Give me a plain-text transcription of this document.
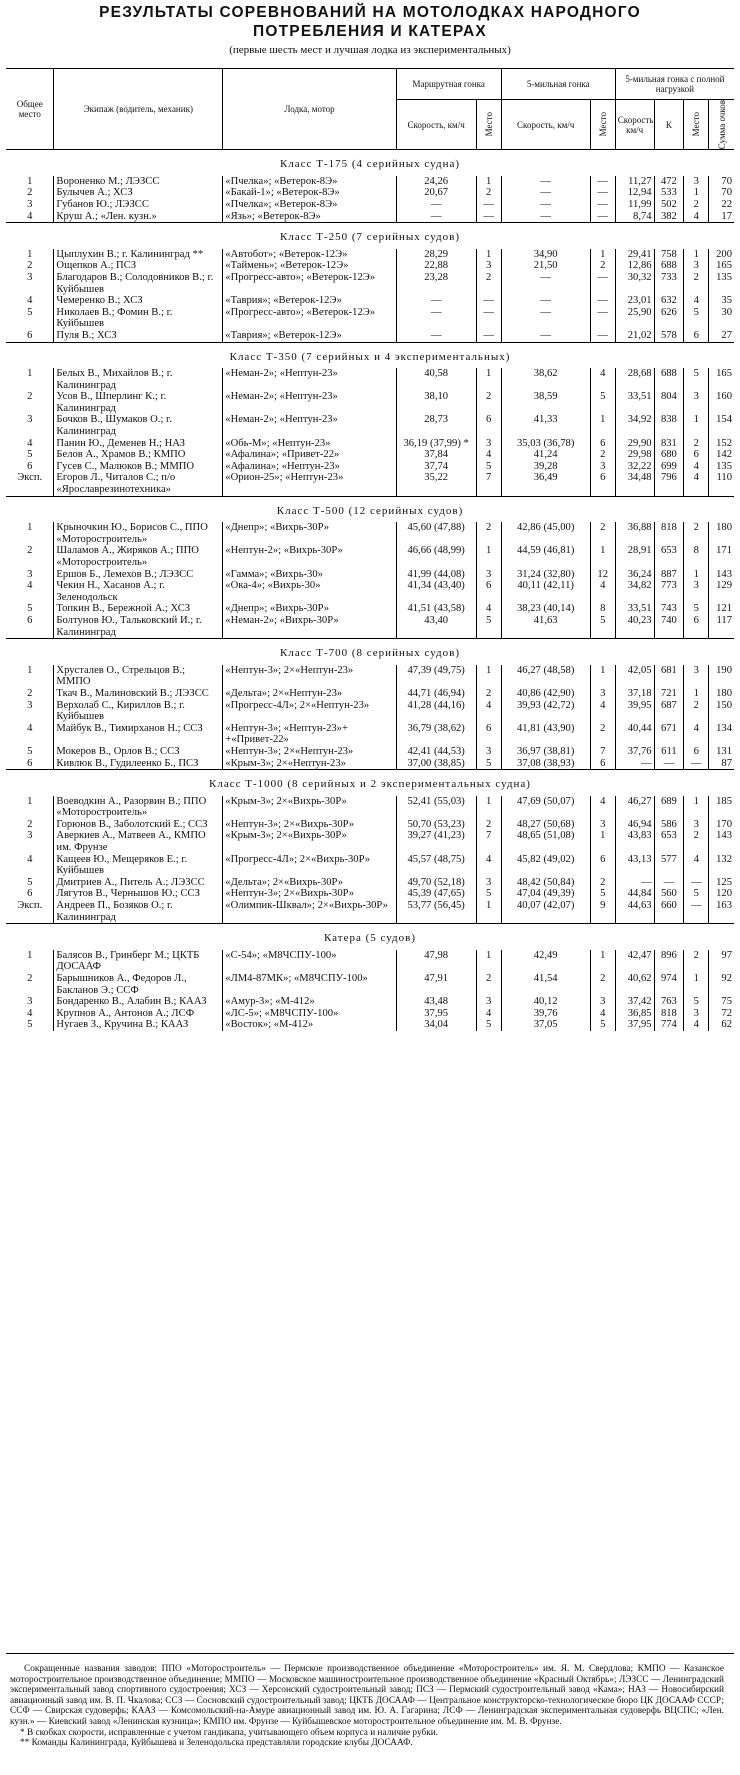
РЕЗУЛЬТАТЫ СОРЕВНОВАНИЙ НА МОТОЛОДКАХ НАРОДНОГО
ПОТРЕБЛЕНИЯ И КАТЕРАХ
(первые шесть мест и лучшая лодка из экспериментальных)
Общее место	Экипаж (водитель, механик)	Лодка, мотор	Маршрутная гонка		5-мильная гонка		5-мильная гонка с полной нагрузкой			
			Скорость, км/ч	Место	Скорость, км/ч	Место	Скорость, км/ч	К	Место	Сумма очков

Класс Т-175 (4 серийных судна)										
1	Вороненко М.; ЛЭЗСС	«Пчелка»; «Ветерок-8Э»	24,26	1	—	—	11,27	472	3	70
2	Булычев А.; ХСЗ	«Бакай-1»; «Ветерок-8Э»	20,67	2	—	—	12,94	533	1	70
3	Губанов Ю.; ЛЭЗСС	«Пчелка»; «Ветерок-8Э»	—	—	—	—	11,99	502	2	22
4	Круш А.; «Лен. кузн.»	«Язь»; «Ветерок-8Э»	—	—	—	—	8,74	382	4	17
Класс Т-250 (7 серийных судов)										
1	Цыплухин В.; г. Калининград **	«Автобот»; «Ветерок-12Э»	28,29	1	34,90	1	29,41	758	1	200
2	Ощепков А.; ПСЗ	«Таймень»; «Ветерок-12Э»	22,88	3	21,50	2	12,86	688	3	165
3	Благодаров В.; Солодовников В.; г. Куйбышев	«Прогресс-авто»; «Ветерок-12Э»	23,28	2	—	—	30,32	733	2	135
4	Чемеренко В.; ХСЗ	«Таврия»; «Ветерок-12Э»	—	—	—	—	23,01	632	4	35
5	Николаев В.; Фомин В.; г. Куйбышев	«Прогресс-авто»; «Ветерок-12Э»	—	—	—	—	25,90	626	5	30
6	Пуля В.; ХСЗ	«Таврия»; «Ветерок-12Э»	—	—	—	—	21,02	578	6	27
Класс Т-350 (7 серийных и 4 экспериментальных)										
1	Белых В., Михайлов В.; г. Калининград	«Неман-2»; «Нептун-23»	40,58	1	38,62	4	28,68	688	5	165
2	Усов В., Шперлинг К.; г. Калининград	«Неман-2»; «Нептун-23»	38,10	2	38,59	5	33,51	804	3	160
3	Бочков В., Шумаков О.; г. Калининград	«Неман-2»; «Нептун-23»	28,73	6	41,33	1	34,92	838	1	154
4	Панин Ю., Деменев Н.; НАЗ	«Обь-М»; «Нептун-23»	36,19 (37,99) *	3	35,03 (36,78)	6	29,90	831	2	152
5	Белов А., Храмов В.; КМПО	«Афалина»; «Привет-22»	37,84	4	41,24	2	29,98	680	6	142
6	Гусев С., Малюков В.; ММПО	«Афалина»; «Нептун-23»	37,74	5	39,28	3	32,22	699	4	135
Эксп.	Егоров Л., Читалов С.; п/о «Ярославрезинотехника»	«Орион-25»; «Нептун-23»	35,22	7	36,49	6	34,48	796	4	110
Класс Т-500 (12 серийных судов)										
1	Крыночкин Ю., Борисов С., ППО «Моторостроитель»	«Днепр»; «Вихрь-30Р»	45,60 (47,88)	2	42,86 (45,00)	2	36,88	818	2	180
2	Шаламов А., Жиряков А.; ППО «Моторостроитель»	«Нептун-2»; «Вихрь-30Р»	46,66 (48,99)	1	44,59 (46,81)	1	28,91	653	8	171
3	Ершов Б., Лемехов В.; ЛЭЗСС	«Гамма»; «Вихрь-30»	41,99 (44,08)	3	31,24 (32,80)	12	36,24	887	1	143
4	Чекин Н., Хасанов А.; г. Зеленодольск	«Ока-4»; «Вихрь-30»	41,34 (43,40)	6	40,11 (42,11)	4	34,82	773	3	129
5	Топкин В., Бережной А.; ХСЗ	«Днепр»; «Вихрь-30Р»	41,51 (43,58)	4	38,23 (40,14)	8	33,51	743	5	121
6	Болтунов Ю., Тальковский И.; г. Калининград	«Неман-2»; «Вихрь-30Р»	43,40	5	41,63	5	40,23	740	6	117
Класс Т-700 (8 серийных судов)										
1	Хрусталев О., Стрельцов В.; ММПО	«Нептун-3»; 2×«Нептун-23»	47,39 (49,75)	1	46,27 (48,58)	1	42,05	681	3	190
2	Ткач В., Малиновский В.; ЛЭЗСС	«Дельта»; 2×«Нептун-23»	44,71 (46,94)	2	40,86 (42,90)	3	37,18	721	1	180
3	Верхолаб С., Кириллов В.; г. Куйбышев	«Прогресс-4Л»; 2×«Нептун-23»	41,28 (44,16)	4	39,93 (42,72)	4	39,95	687	2	150
4	Майбук В., Тимирханов Н.; ССЗ	«Нептун-3»; «Нептун-23»+ +«Привет-22»	36,79 (38,62)	6	41,81 (43,90)	2	40,44	671	4	134
5	Мокеров В., Орлов В.; ССЗ	«Нептун-3»; 2×«Нептун-23»	42,41 (44,53)	3	36,97 (38,81)	7	37,76	611	6	131
6	Кивлюк В., Гудилеенко Б., ПСЗ	«Крым-3»; 2×«Нептун-23»	37,00 (38,85)	5	37,08 (38,93)	6	—	—	—	87
Класс Т-1000 (8 серийных и 2 экспериментальных судна)										
1	Воеводкин А., Разорвин В.; ППО «Моторостроитель»	«Крым-3»; 2×«Вихрь-30Р»	52,41 (55,03)	1	47,69 (50,07)	4	46,27	689	1	185
2	Горюнов В., Заболотский Е.; ССЗ	«Нептун-3»; 2×«Вихрь-30Р»	50,70 (53,23)	2	48,27 (50,68)	3	46,94	586	3	170
3	Аверкиев А., Матвеев А., КМПО им. Фрунзе	«Крым-3»; 2×«Вихрь-30Р»	39,27 (41,23)	7	48,65 (51,08)	1	43,83	653	2	143
4	Кащеев Ю., Мещеряков Е.; г. Куйбышев	«Прогресс-4Л»; 2×«Вихрь-30Р»	45,57 (48,75)	4	45,82 (49,02)	6	43,13	577	4	132
5	Дмитриев А., Питель А.; ЛЭЗСС	«Дельта»; 2×«Вихрь-30Р»	49,70 (52,18)	3	48,42 (50,84)	2	—	—	—	125
6	Лягутов В., Чернышов Ю.; ССЗ	«Нептун-3»; 2×«Вихрь-30Р»	45,39 (47,65)	5	47,04 (49,39)	5	44,84	560	5	120
Эксп.	Андреев П., Бозяков О.; г. Калининград	«Олимпик-Шквал»; 2×«Вихрь-30Р»	53,77 (56,45)	1	40,07 (42,07)	9	44,63	660	—	163
Катера (5 судов)										
1	Балясов В., Гринберг М.; ЦКТБ ДОСААФ	«С-54»; «М8ЧСПУ-100»	47,98	1	42,49	1	42,47	896	2	97
2	Барышников А., Федоров Л., Бакланов Э.; ССФ	«ЛМ4-87МК»; «М8ЧСПУ-100»	47,91	2	41,54	2	40,62	974	1	92
3	Бондаренко В., Алабин В.; КААЗ	«Амур-3»; «М-412»	43,48	3	40,12	3	37,42	763	5	75
4	Крупнов А., Антонов А.; ЛСФ	«ЛС-5»; «М8ЧСПУ-100»	37,95	4	39,76	4	36,85	818	3	72
5	Нугаев З., Кручина В.; КААЗ	«Восток»; «М-412»	34,04	5	37,05	5	37,95	774	4	62
Сокращенные названия заводов: ППО «Моторостроитель» — Пермское производственное объединение «Моторостроитель» им. Я. М. Свердлова; КМПО — Казанское моторостроительное производственное объединение; ММПО — Московское машиностроительное производственное объединение «Красный Октябрь»; ЛЭЗСС — Ленинградский экспериментальный завод спортивного судостроения; ХСЗ — Херсонский судостроительный завод; ПСЗ — Пермский судостроительный завод «Кама»; НАЗ — Новосибирский авиационный завод им. В. П. Чкалова; ССЗ — Сосновский судостроительный завод; ЦКТБ ДОСААФ — Центральное конструкторско-технологическое бюро ЦК ДОСААФ СССР; ССФ — Свирская судоверфь; КААЗ — Комсомольский-на-Амуре авиационный завод им. Ю. А. Гагарина; ЛСФ — Ленинградская экспериментальная судоверфь ВЦСПС; «Лен. кузн.» — Киевский завод «Ленинская кузница»; КМПО им. Фрунзе — Куйбышевское моторостроительное объединение им. М. В. Фрунзе.
* В скобках скорости, исправленные с учетом гандикапа, учитывающего объем корпуса и наличие рубки.
** Команды Калининграда, Куйбышева и Зеленодольска представляли городские клубы ДОСААФ.
